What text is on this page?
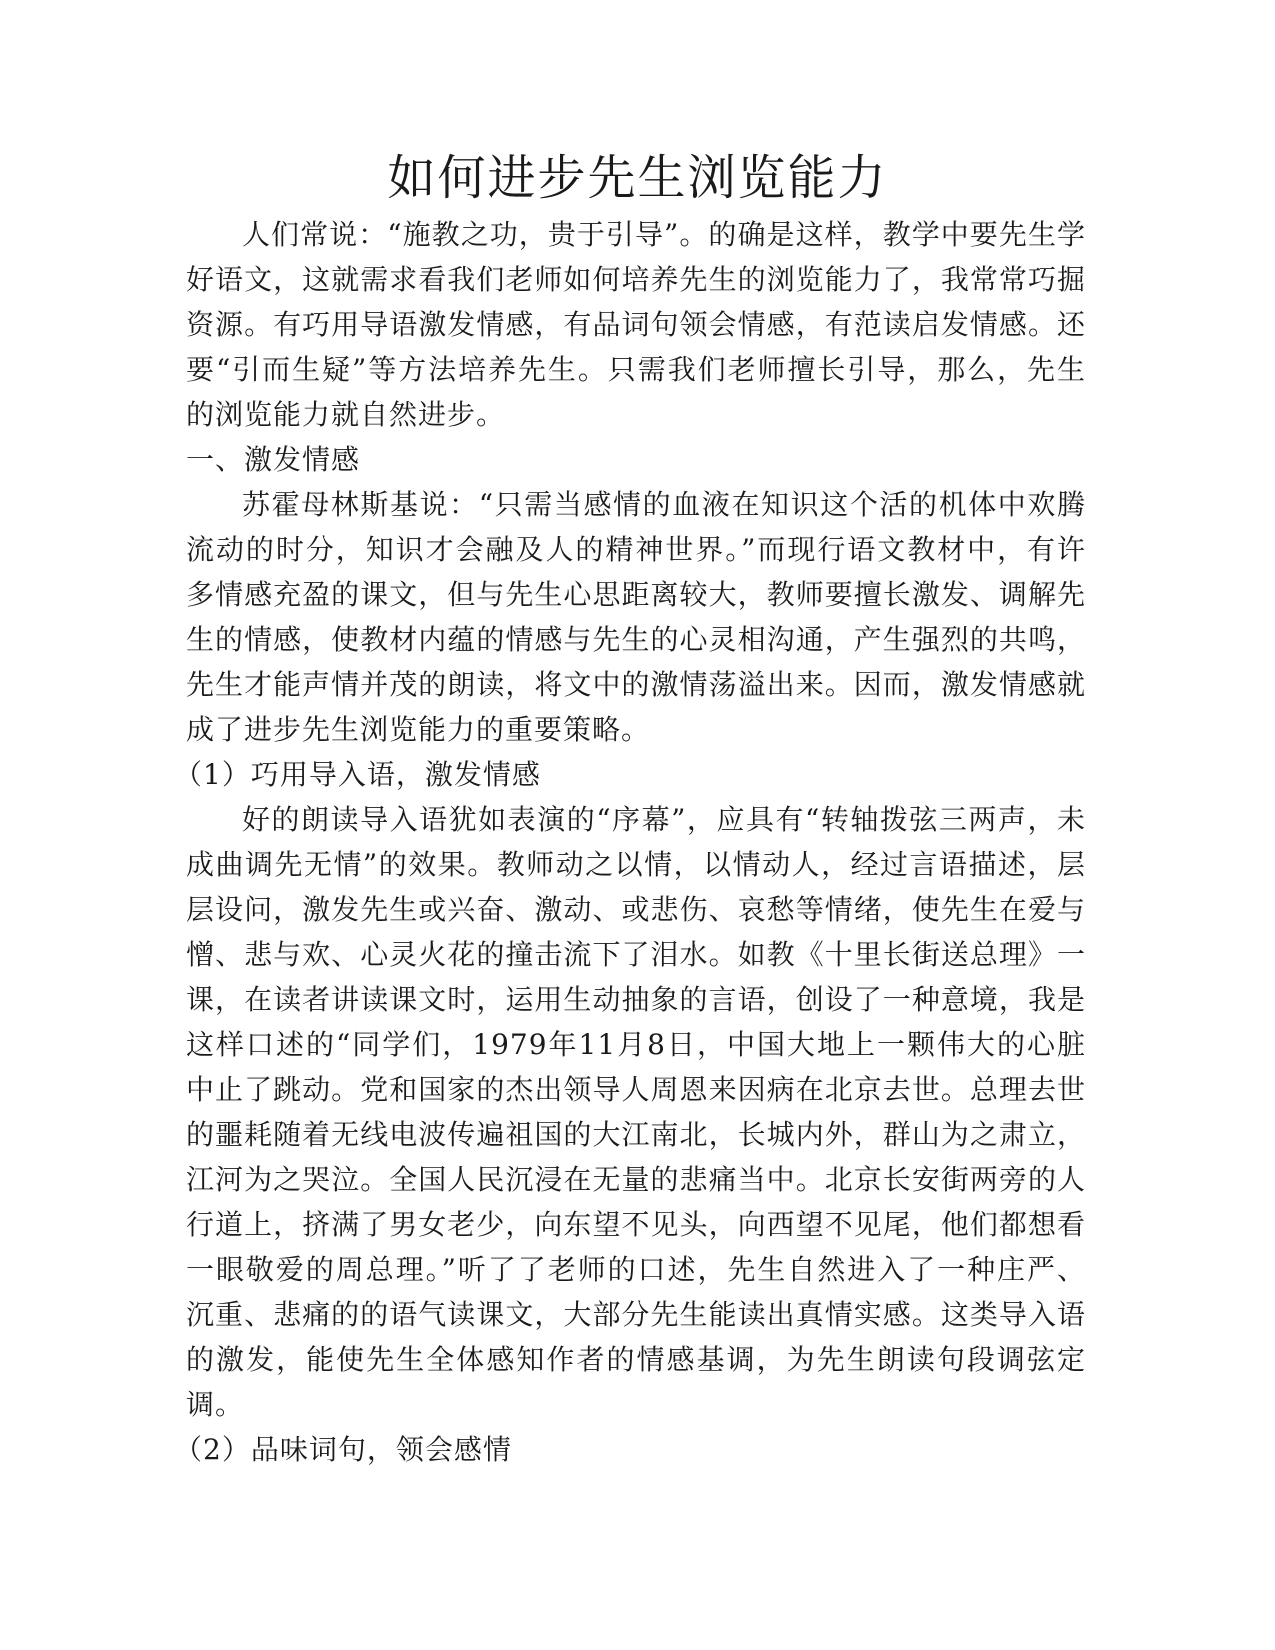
如何进步先生浏览能力

人们常说：“施教之功，贵于引导”。的确是这样，教学中要先生学好语文，这就需求看我们老师如何培养先生的浏览能力了，我常常巧掘资源。有巧用导语激发情感，有品词句领会情感，有范读启发情感。还要“引而生疑”等方法培养先生。只需我们老师擅长引导，那么，先生的浏览能力就自然进步。

一、激发情感

苏霍母林斯基说：“只需当感情的血液在知识这个活的机体中欢腾流动的时分，知识才会融及人的精神世界。”而现行语文教材中，有许多情感充盈的课文，但与先生心思距离较大，教师要擅长激发、调解先生的情感，使教材内蕴的情感与先生的心灵相沟通，产生强烈的共鸣，先生才能声情并茂的朗读，将文中的激情荡溢出来。因而，激发情感就成了进步先生浏览能力的重要策略。

（1）巧用导入语，激发情感

好的朗读导入语犹如表演的“序幕”，应具有“转轴拨弦三两声，未成曲调先无情”的效果。教师动之以情，以情动人，经过言语描述，层层设问，激发先生或兴奋、激动、或悲伤、哀愁等情绪，使先生在爱与憎、悲与欢、心灵火花的撞击流下了泪水。如教《十里长街送总理》一课，在读者讲读课文时，运用生动抽象的言语，创设了一种意境，我是这样口述的“同学们，1979年11月8日，中国大地上一颗伟大的心脏中止了跳动。党和国家的杰出领导人周恩来因病在北京去世。总理去世的噩耗随着无线电波传遍祖国的大江南北，长城内外，群山为之肃立，江河为之哭泣。全国人民沉浸在无量的悲痛当中。北京长安街两旁的人行道上，挤满了男女老少，向东望不见头，向西望不见尾，他们都想看一眼敬爱的周总理。”听了了老师的口述，先生自然进入了一种庄严、沉重、悲痛的的语气读课文，大部分先生能读出真情实感。这类导入语的激发，能使先生全体感知作者的情感基调，为先生朗读句段调弦定调。

（2）品味词句，领会感情
